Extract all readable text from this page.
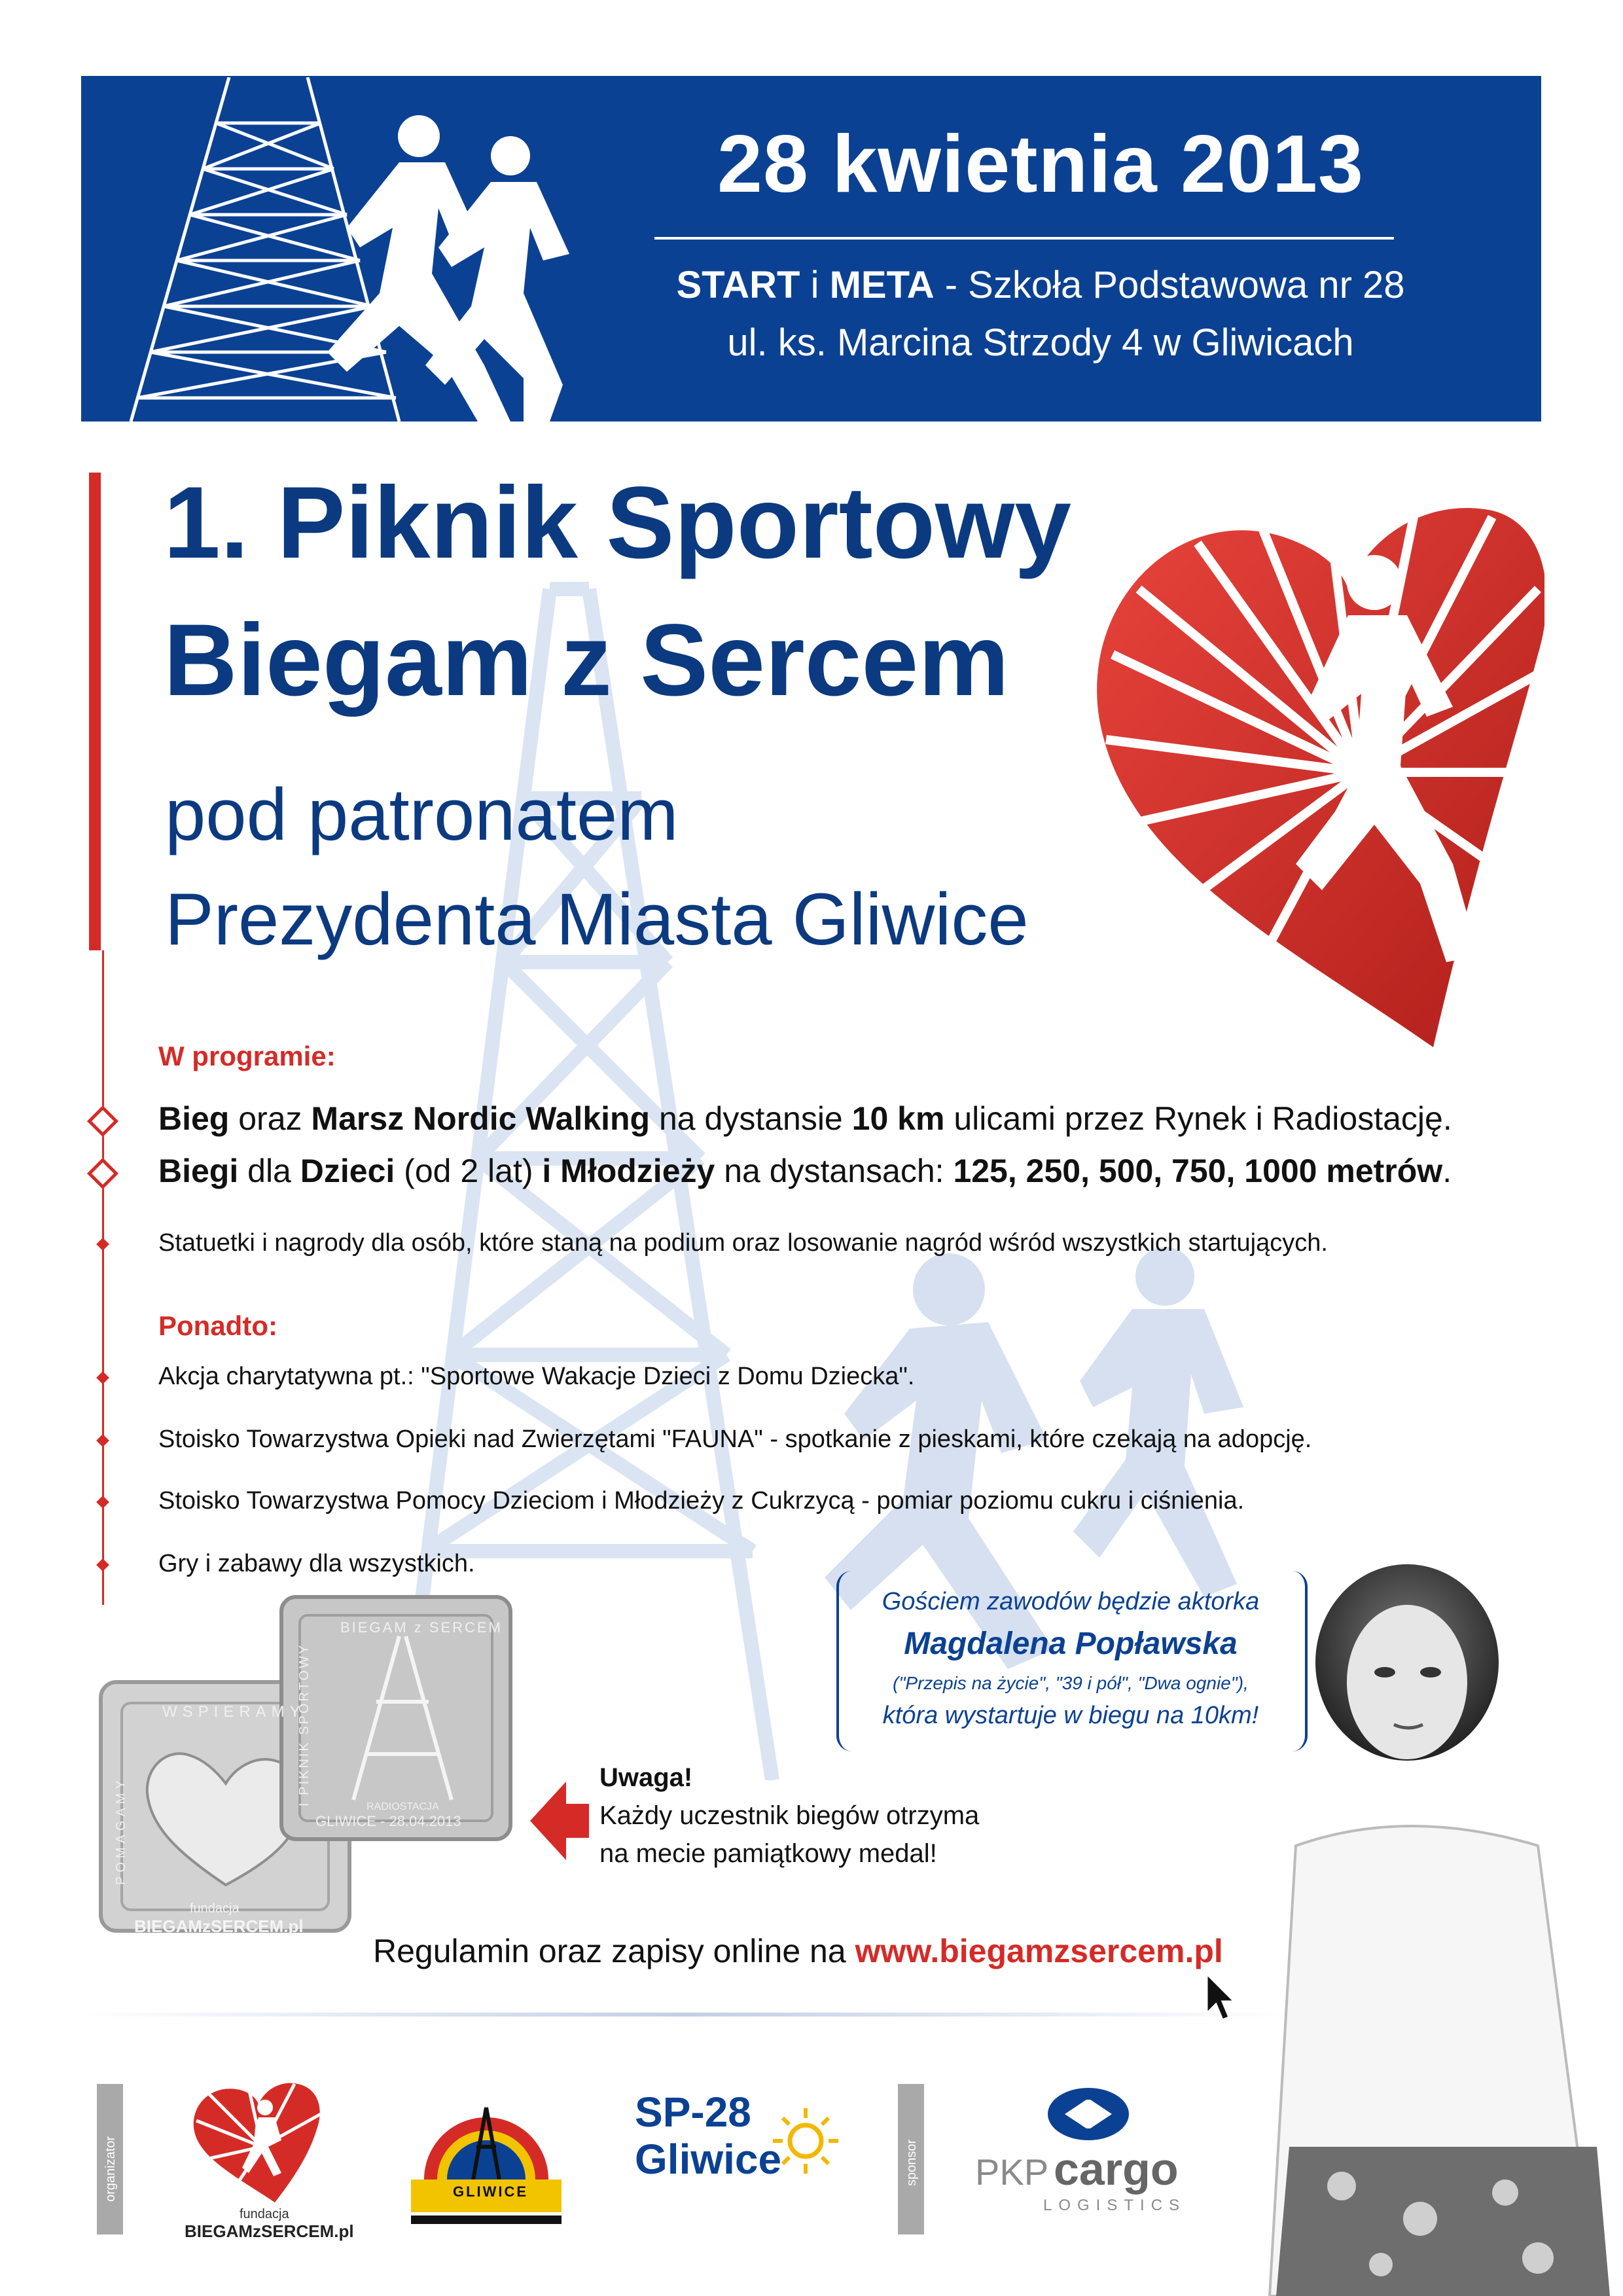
28 kwietnia 2013
START i META - Szkoła Podstawowa nr 28
ul. ks. Marcina Strzody 4 w Gliwicach
1. Piknik Sportowy
Biegam z Sercem
pod patronatem
Prezydenta Miasta Gliwice
W programie:
Bieg oraz Marsz Nordic Walking na dystansie 10 km ulicami przez Rynek i Radiostację.
Biegi dla Dzieci (od 2 lat) i Młodzieży na dystansach: 125, 250, 500, 750, 1000 metrów.
Statuetki i nagrody dla osób, które staną na podium oraz losowanie nagród wśród wszystkich startujących.
Ponadto:
Akcja charytatywna pt.: "Sportowe Wakacje Dzieci z Domu Dziecka".
Stoisko Towarzystwa Opieki nad Zwierzętami "FAUNA" - spotkanie z pieskami, które czekają na adopcję.
Stoisko Towarzystwa Pomocy Dzieciom i Młodzieży z Cukrzycą - pomiar poziomu cukru i ciśnienia.
Gry i zabawy dla wszystkich.
Gościem zawodów będzie aktorka
Magdalena Popławska
("Przepis na życie", "39 i pół", "Dwa ognie"),
która wystartuje w biegu na 10km!
WSPIERAMY
POMAGAMY
fundacja
BIEGAMzSERCEM.pl
BIEGAM z SERCEM
I PIKNIK SPORTOWY
RADIOSTACJA
GLIWICE - 28.04.2013
Uwaga!
Każdy uczestnik biegów otrzyma
na mecie pamiątkowy medal!
Regulamin oraz zapisy online na www.biegamzsercem.pl
organizator
fundacja
BIEGAMzSERCEM.pl
GLIWICE
SP-28
Gliwice	sponsor PKP cargo
LOGISTICS
